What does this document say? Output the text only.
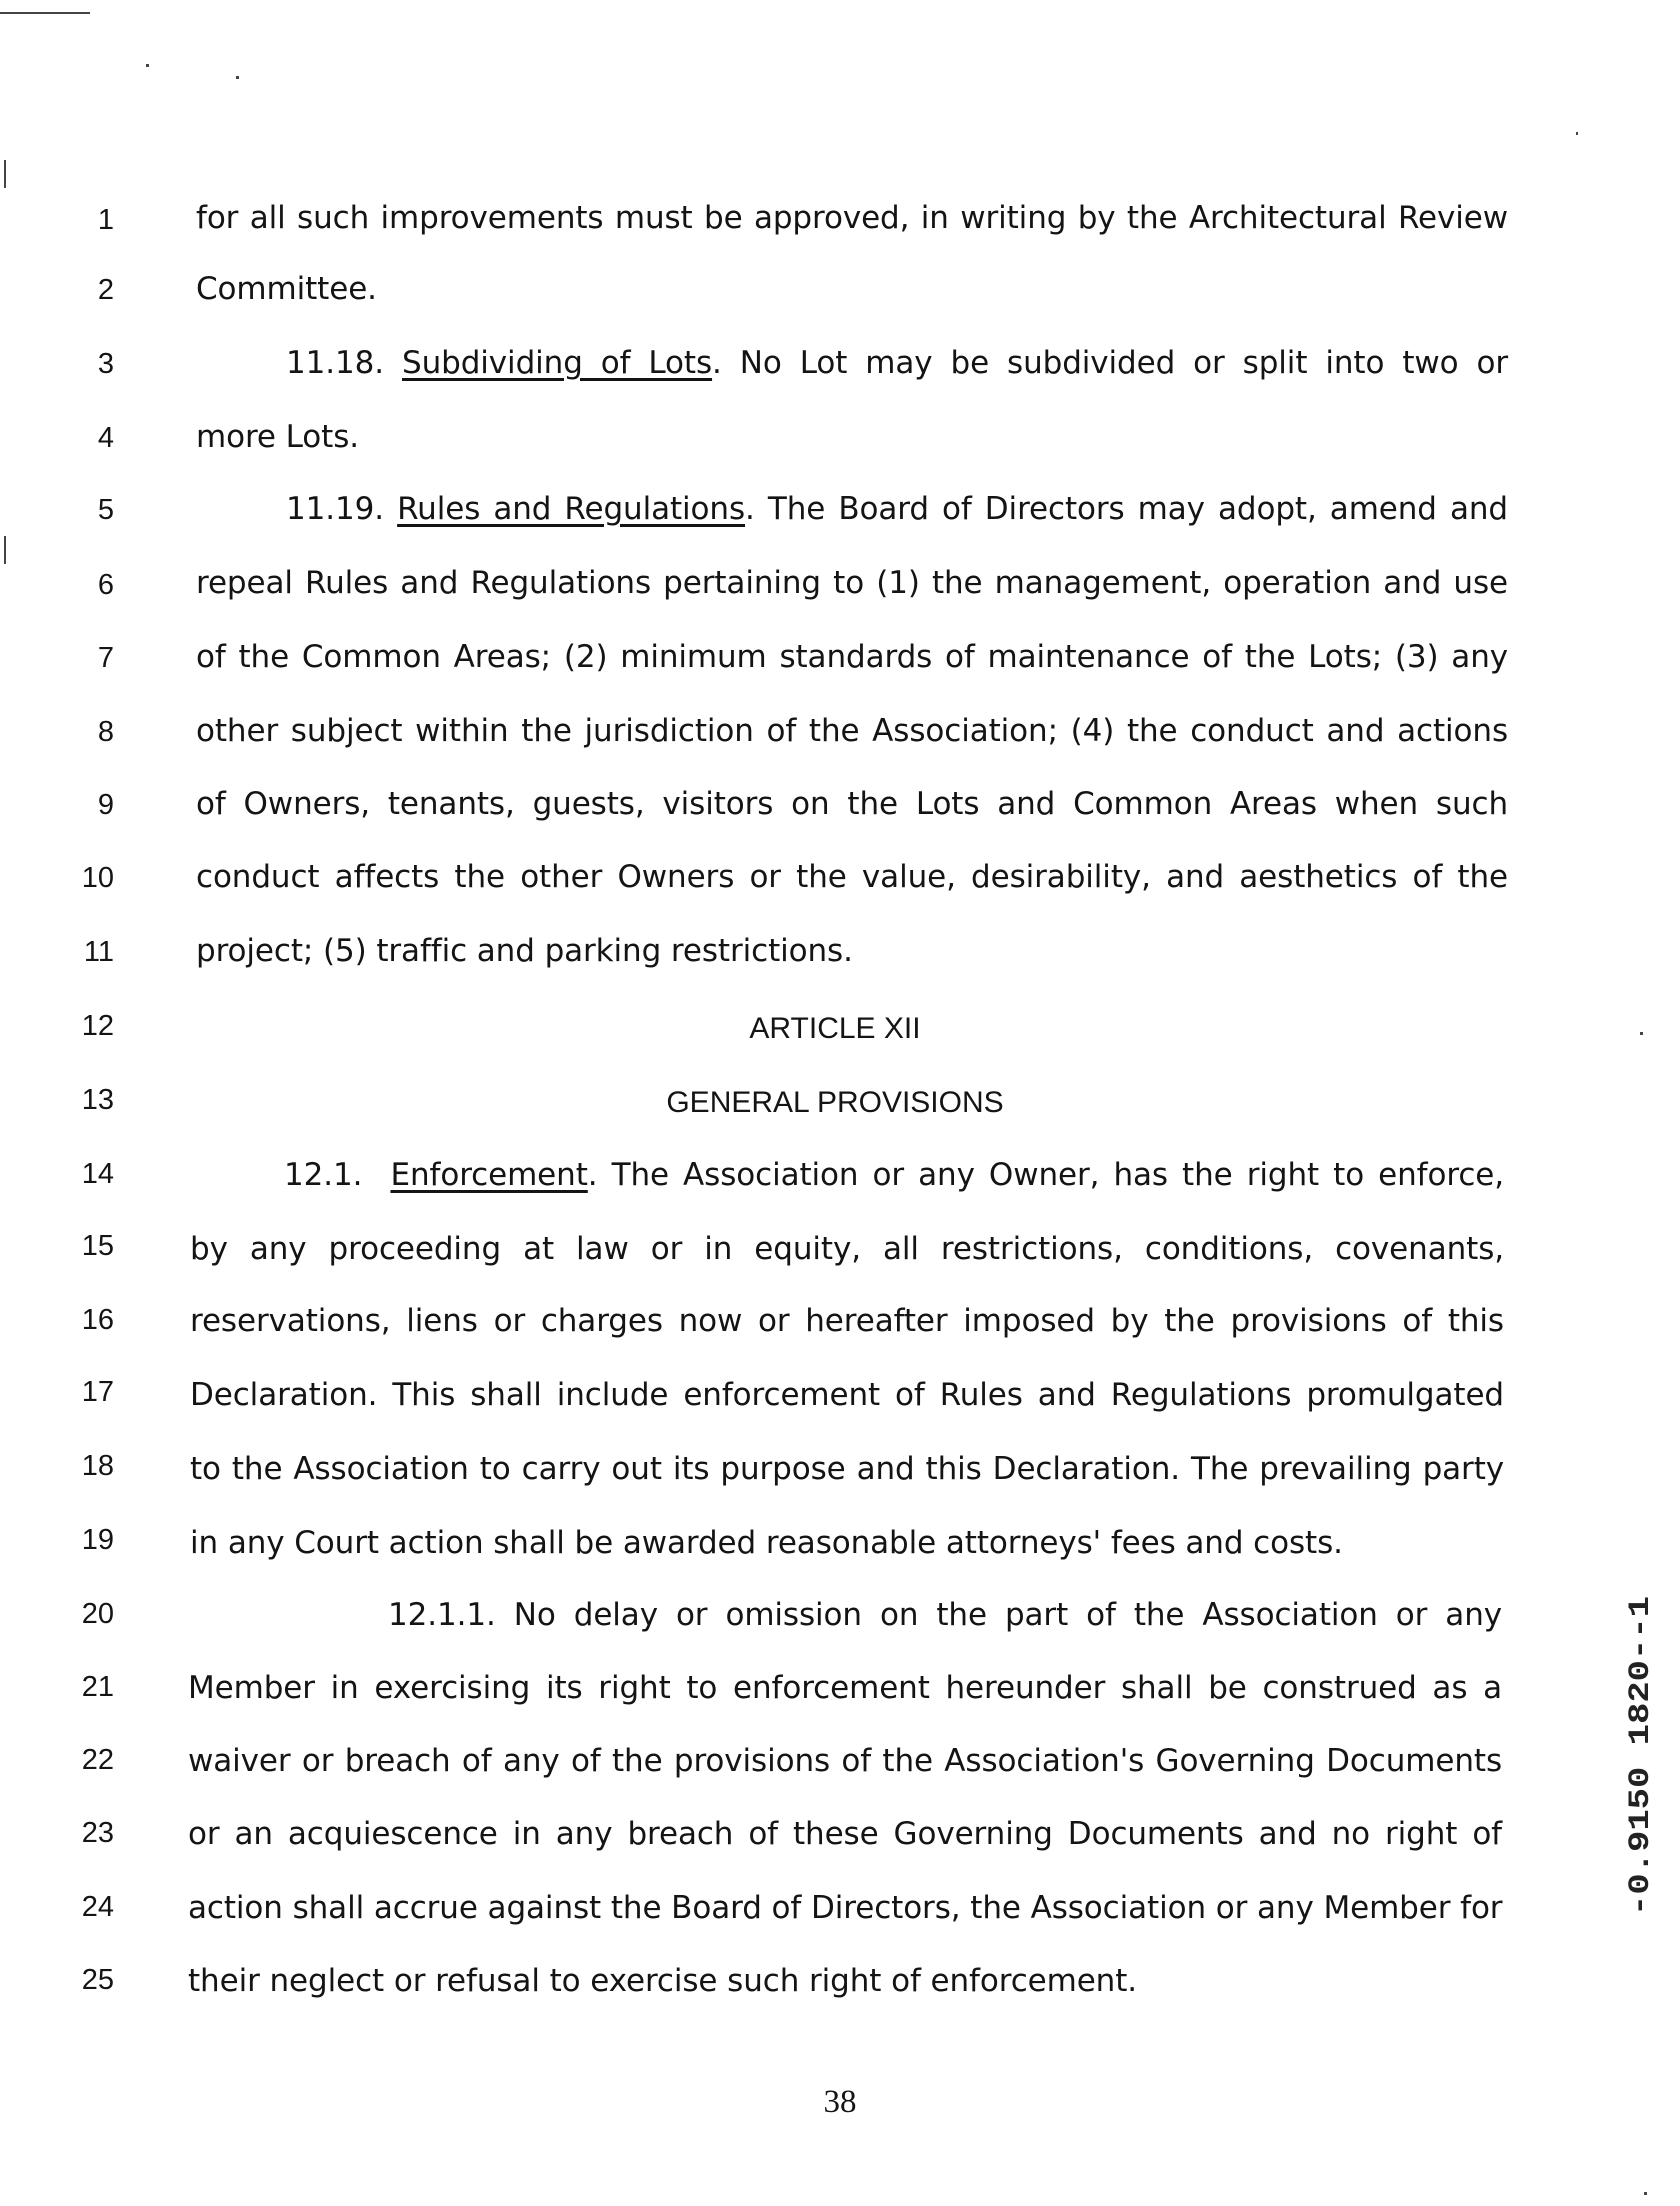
1
2
3
4
5
6
7
8
9
10
11
12
13
14
15
16
17
18
19
20
21
22
23
24
25
for all such improvements must be approved, in writing by the Architectural Review
Committee.
11.18. Subdividing of Lots. No Lot may be subdivided or split into two or
more Lots.
11.19. Rules and Regulations. The Board of Directors may adopt, amend and
repeal Rules and Regulations pertaining to (1) the management, operation and use
of the Common Areas; (2) minimum standards of maintenance of the Lots; (3) any
other subject within the jurisdiction of the Association; (4) the conduct and actions
of Owners, tenants, guests, visitors on the Lots and Common Areas when such
conduct affects the other Owners or the value, desirability, and aesthetics of the
project; (5) traffic and parking restrictions.
ARTICLE XII
GENERAL PROVISIONS
12.1. Enforcement. The Association or any Owner, has the right to enforce,
by any proceeding at law or in equity, all restrictions, conditions, covenants,
reservations, liens or charges now or hereafter imposed by the provisions of this
Declaration. This shall include enforcement of Rules and Regulations promulgated
to the Association to carry out its purpose and this Declaration. The prevailing party
in any Court action shall be awarded reasonable attorneys' fees and costs.
12.1.1. No delay or omission on the part of the Association or any
Member in exercising its right to enforcement hereunder shall be construed as a
waiver or breach of any of the provisions of the Association's Governing Documents
or an acquiescence in any breach of these Governing Documents and no right of
action shall accrue against the Board of Directors, the Association or any Member for
their neglect or refusal to exercise such right of enforcement.
38
-0.9150 1820--1
